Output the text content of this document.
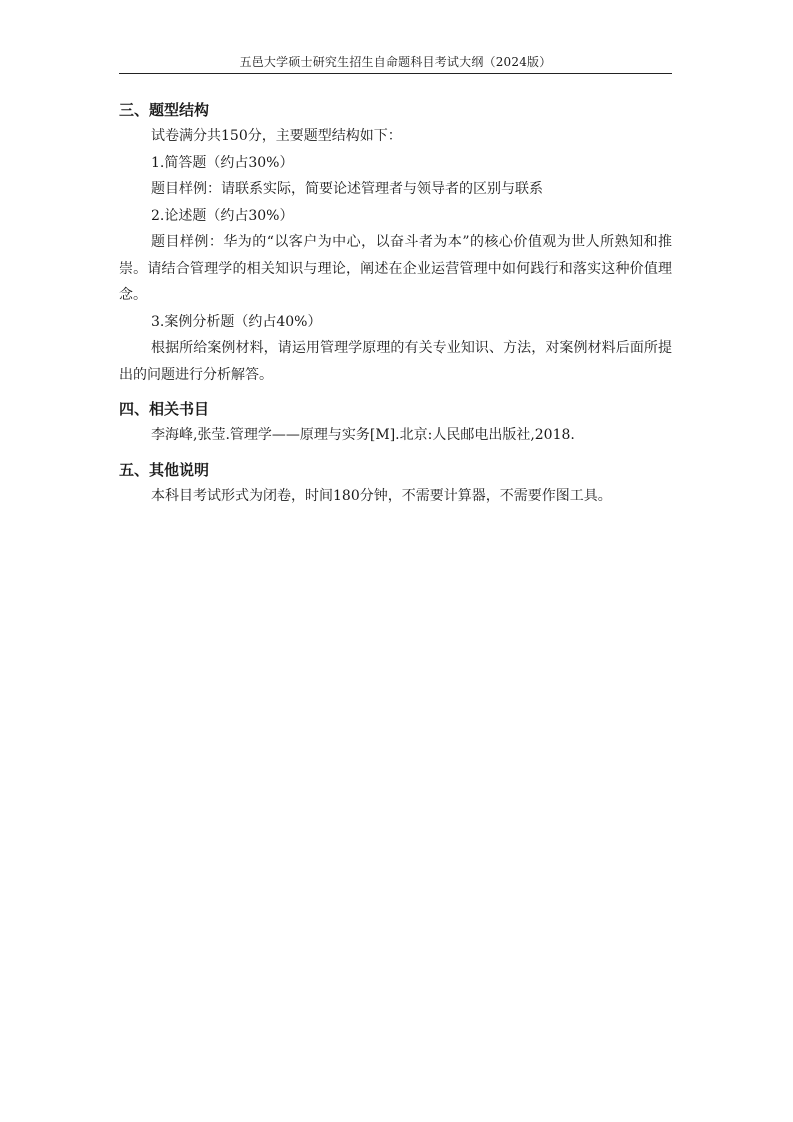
五邑大学硕士研究生招生自命题科目考试大纲（2024版）
三、题型结构

试卷满分共150分，主要题型结构如下：

1.简答题（约占30%）

题目样例：请联系实际，简要论述管理者与领导者的区别与联系

2.论述题（约占30%）

题目样例：华为的“以客户为中心，以奋斗者为本”的核心价值观为世人所熟知和推崇。请结合管理学的相关知识与理论，阐述在企业运营管理中如何践行和落实这种价值理念。

3.案例分析题（约占40%）

根据所给案例材料，请运用管理学原理的有关专业知识、方法，对案例材料后面所提出的问题进行分析解答。

四、相关书目

李海峰,张莹.管理学——原理与实务[M].北京:人民邮电出版社,2018.

五、其他说明

本科目考试形式为闭卷，时间180分钟，不需要计算器，不需要作图工具。
